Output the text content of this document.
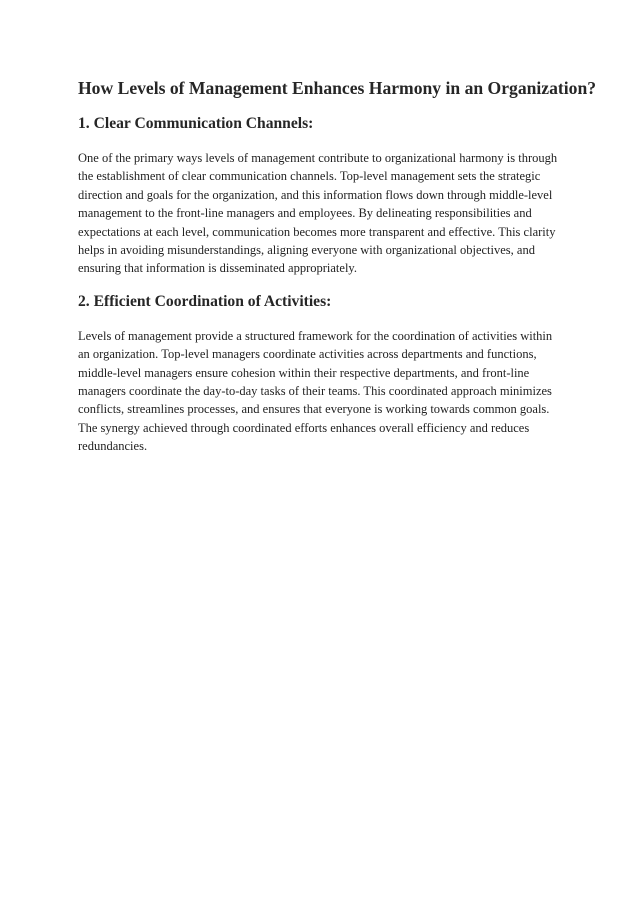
How Levels of Management Enhances Harmony in an Organization?
1. Clear Communication Channels:

One of the primary ways levels of management contribute to organizational harmony is through the establishment of clear communication channels. Top-level management sets the strategic direction and goals for the organization, and this information flows down through middle-level management to the front-line managers and employees. By delineating responsibilities and expectations at each level, communication becomes more transparent and effective. This clarity helps in avoiding misunderstandings, aligning everyone with organizational objectives, and ensuring that information is disseminated appropriately.

2. Efficient Coordination of Activities:

Levels of management provide a structured framework for the coordination of activities within an organization. Top-level managers coordinate activities across departments and functions, middle-level managers ensure cohesion within their respective departments, and front-line managers coordinate the day-to-day tasks of their teams. This coordinated approach minimizes conflicts, streamlines processes, and ensures that everyone is working towards common goals. The synergy achieved through coordinated efforts enhances overall efficiency and reduces redundancies.
